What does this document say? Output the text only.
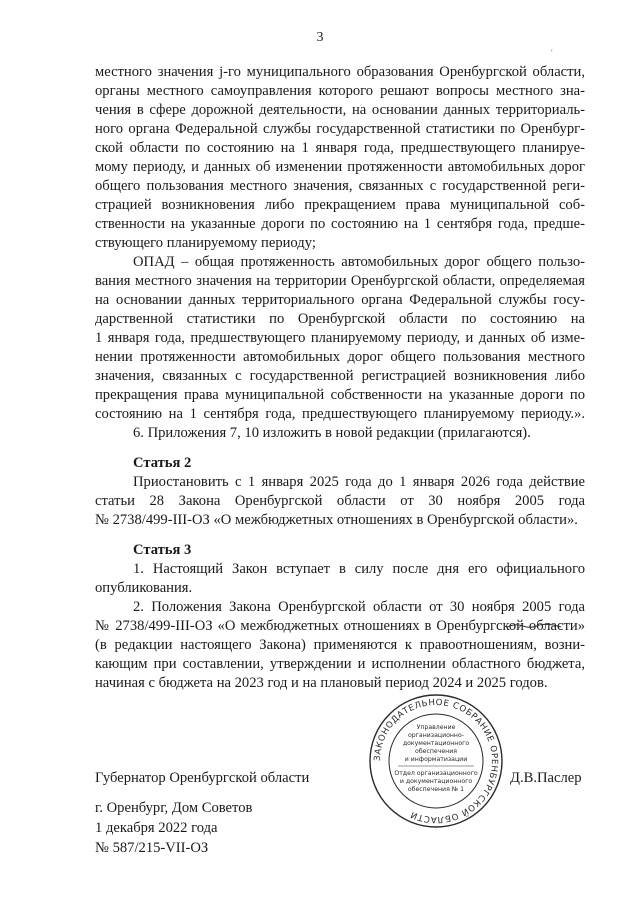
3
'
местного значения j-го муниципального образования Оренбургской области,
органы местного самоуправления которого решают вопросы местного зна-
чения в сфере дорожной деятельности, на основании данных территориаль-
ного органа Федеральной службы государственной статистики по Оренбург-
ской области по состоянию на 1 января года, предшествующего планируе-
мому периоду, и данных об изменении протяженности автомобильных дорог
общего пользования местного значения, связанных с государственной реги-
страцией возникновения либо прекращением права муниципальной соб-
ственности на указанные дороги по состоянию на 1 сентября года, предше-
ствующего планируемому периоду;
ОПАД – общая протяженность автомобильных дорог общего пользо-
вания местного значения на территории Оренбургской области, определяемая
на основании данных территориального органа Федеральной службы госу-
дарственной статистики по Оренбургской области по состоянию на
1 января года, предшествующего планируемому периоду, и данных об изме-
нении протяженности автомобильных дорог общего пользования местного
значения, связанных с государственной регистрацией возникновения либо
прекращения права муниципальной собственности на указанные дороги по
состоянию на 1 сентября года, предшествующего планируемому периоду.».
6. Приложения 7, 10 изложить в новой редакции (прилагаются).
Статья 2
Приостановить с 1 января 2025 года до 1 января 2026 года действие
статьи 28 Закона Оренбургской области от 30 ноября 2005 года
№ 2738/499-III-ОЗ «О межбюджетных отношениях в Оренбургской области».
Статья 3
1. Настоящий Закон вступает в силу после дня его официального
опубликования.
2. Положения Закона Оренбургской области от 30 ноября 2005 года
№ 2738/499-III-ОЗ «О межбюджетных отношениях в Оренбургской области»
(в редакции настоящего Закона) применяются к правоотношениям, возни-
кающим при составлении, утверждении и исполнении областного бюджета,
начиная с бюджета на 2023 год и на плановый период 2024 и 2025 годов.
Губернатор Оренбургской области	Д.В.Паслер
г. Оренбург, Дом Советов
1 декабря 2022 года
№ 587/215-VII-ОЗ
ЗАКОНОДАТЕЛЬНОЕ СОБРАНИЕ ОРЕНБУРГСКОЙ ОБЛАСТИ
Управление
организационно-
документационного
обеспечения
и информатизации
Отдел организационного
и документационного
обеспечения № 1
